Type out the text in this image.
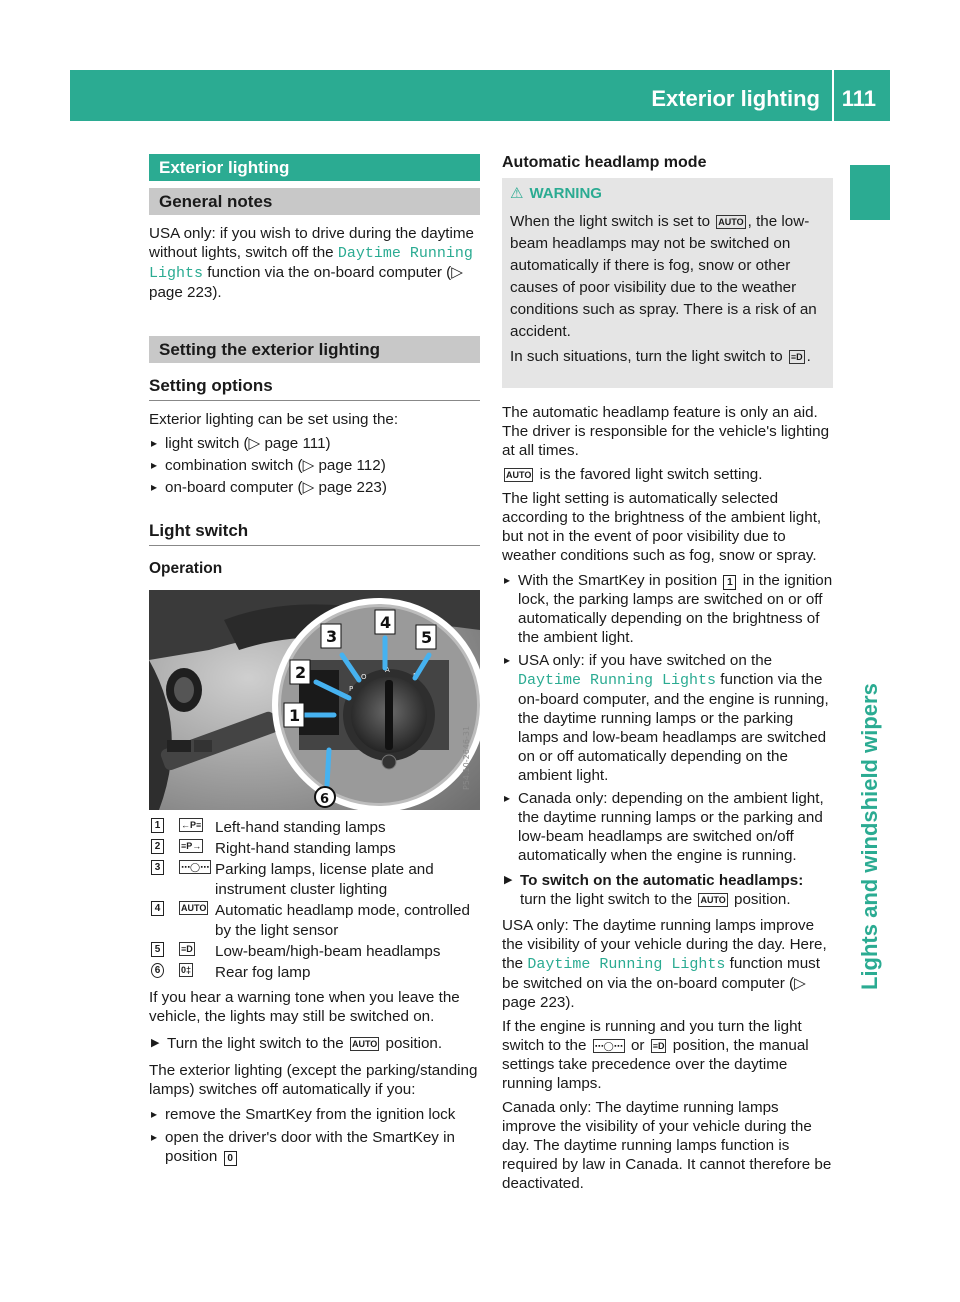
Exterior lighting 111
Lights and windshield wipers
Exterior lighting
General notes

USA only: if you wish to drive during the daytime without lights, switch off the Daytime Running Lights function via the on-board computer (▷ page 223).

Setting the exterior lighting
Setting options

Exterior lighting can be set using the:

▸ light switch (▷ page 111)
▸ combination switch (▷ page 112)
▸ on-board computer (▷ page 223)
Light switch
Operation
P
O
A
1
2
3
4
5
6
P54.10-2646-31
1	←P≡ Left-hand standing lamps
2	≡P→ Right-hand standing lamps
3	⋯◯⋯ Parking lamps, license plate and
instrument cluster lighting
4	AUTO Automatic headlamp mode, controlled
by the light sensor
5	≡D Low-beam/high-beam headlamps
6	0‡ Rear fog lamp

If you hear a warning tone when you leave the vehicle, the lights may still be switched on.

▶ Turn the light switch to the AUTO position.

The exterior lighting (except the parking/standing lamps) switches off automatically if you:

▸ remove the SmartKey from the ignition lock
▸ open the driver's door with the SmartKey in position 0
Automatic headlamp mode

⚠ WARNING

When the light switch is set to AUTO , the low-beam headlamps may not be switched on automatically if there is fog, snow or other causes of poor visibility due to the weather conditions such as spray. There is a risk of an accident.

In such situations, turn the light switch to ≡D .

The automatic headlamp feature is only an aid. The driver is responsible for the vehicle's lighting at all times.

AUTO is the favored light switch setting.

The light setting is automatically selected according to the brightness of the ambient light, but not in the event of poor visibility due to weather conditions such as fog, snow or spray.

▸ With the SmartKey in position 1 in the ignition lock, the parking lamps are switched on or off automatically depending on the brightness of the ambient light.
▸ USA only: if you have switched on the Daytime Running Lights function via the on-board computer, and the engine is running, the daytime running lamps or the parking lamps and low-beam headlamps are switched on or off automatically depending on the ambient light.
▸ Canada only: depending on the ambient light, the daytime running lamps or the parking and low-beam headlamps are switched on/off automatically when the engine is running.
▶ To switch on the automatic headlamps:
turn the light switch to the AUTO position.

USA only: The daytime running lamps improve the visibility of your vehicle during the day. Here, the Daytime Running Lights function must be switched on via the on-board computer (▷ page 223).

If the engine is running and you turn the light switch to the ⋯◯⋯ or ≡D position, the manual settings take precedence over the daytime running lamps.

Canada only: The daytime running lamps improve the visibility of your vehicle during the day. The daytime running lamps function is required by law in Canada. It cannot therefore be deactivated.
